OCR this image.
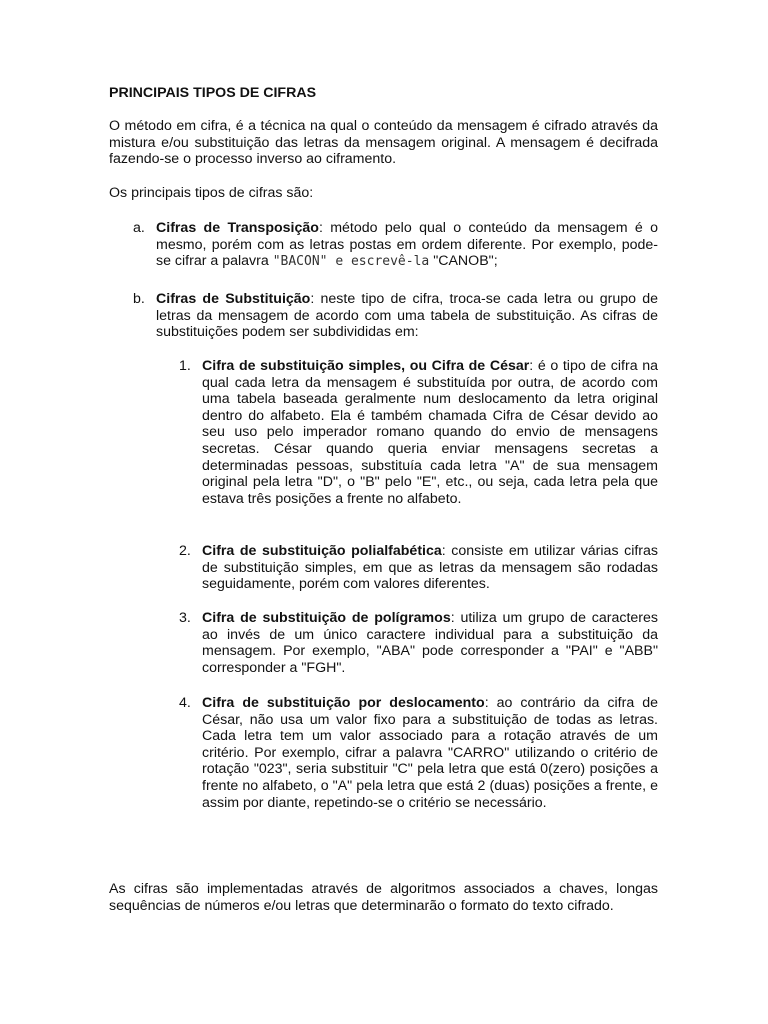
PRINCIPAIS TIPOS DE CIFRAS

O método em cifra, é a técnica na qual o conteúdo da mensagem é cifrado através da mistura e/ou substituição das letras da mensagem original. A mensagem é decifrada fazendo-se o processo inverso ao ciframento.

Os principais tipos de cifras são:

a. Cifras de Transposição: método pelo qual o conteúdo da mensagem é o mesmo, porém com as letras postas em ordem diferente. Por exemplo, pode-se cifrar a palavra "BACON" e escrevê-la "CANOB";

b. Cifras de Substituição: neste tipo de cifra, troca-se cada letra ou grupo de letras da mensagem de acordo com uma tabela de substituição. As cifras de substituições podem ser subdivididas em:

1. Cifra de substituição simples, ou Cifra de César: é o tipo de cifra na qual cada letra da mensagem é substituída por outra, de acordo com uma tabela baseada geralmente num deslocamento da letra original dentro do alfabeto. Ela é também chamada Cifra de César devido ao seu uso pelo imperador romano quando do envio de mensagens secretas. César quando queria enviar mensagens secretas a determinadas pessoas, substituía cada letra "A" de sua mensagem original pela letra "D", o "B" pelo "E", etc., ou seja, cada letra pela que estava três posições a frente no alfabeto.

2. Cifra de substituição polialfabética: consiste em utilizar várias cifras de substituição simples, em que as letras da mensagem são rodadas seguidamente, porém com valores diferentes.

3. Cifra de substituição de polígramos: utiliza um grupo de caracteres ao invés de um único caractere individual para a substituição da mensagem. Por exemplo, "ABA" pode corresponder a "PAI" e "ABB" corresponder a "FGH".

4. Cifra de substituição por deslocamento: ao contrário da cifra de César, não usa um valor fixo para a substituição de todas as letras. Cada letra tem um valor associado para a rotação através de um critério. Por exemplo, cifrar a palavra "CARRO" utilizando o critério de rotação "023", seria substituir "C" pela letra que está 0(zero) posições a frente no alfabeto, o "A" pela letra que está 2 (duas) posições a frente, e assim por diante, repetindo-se o critério se necessário.

As cifras são implementadas através de algoritmos associados a chaves, longas sequências de números e/ou letras que determinarão o formato do texto cifrado.
